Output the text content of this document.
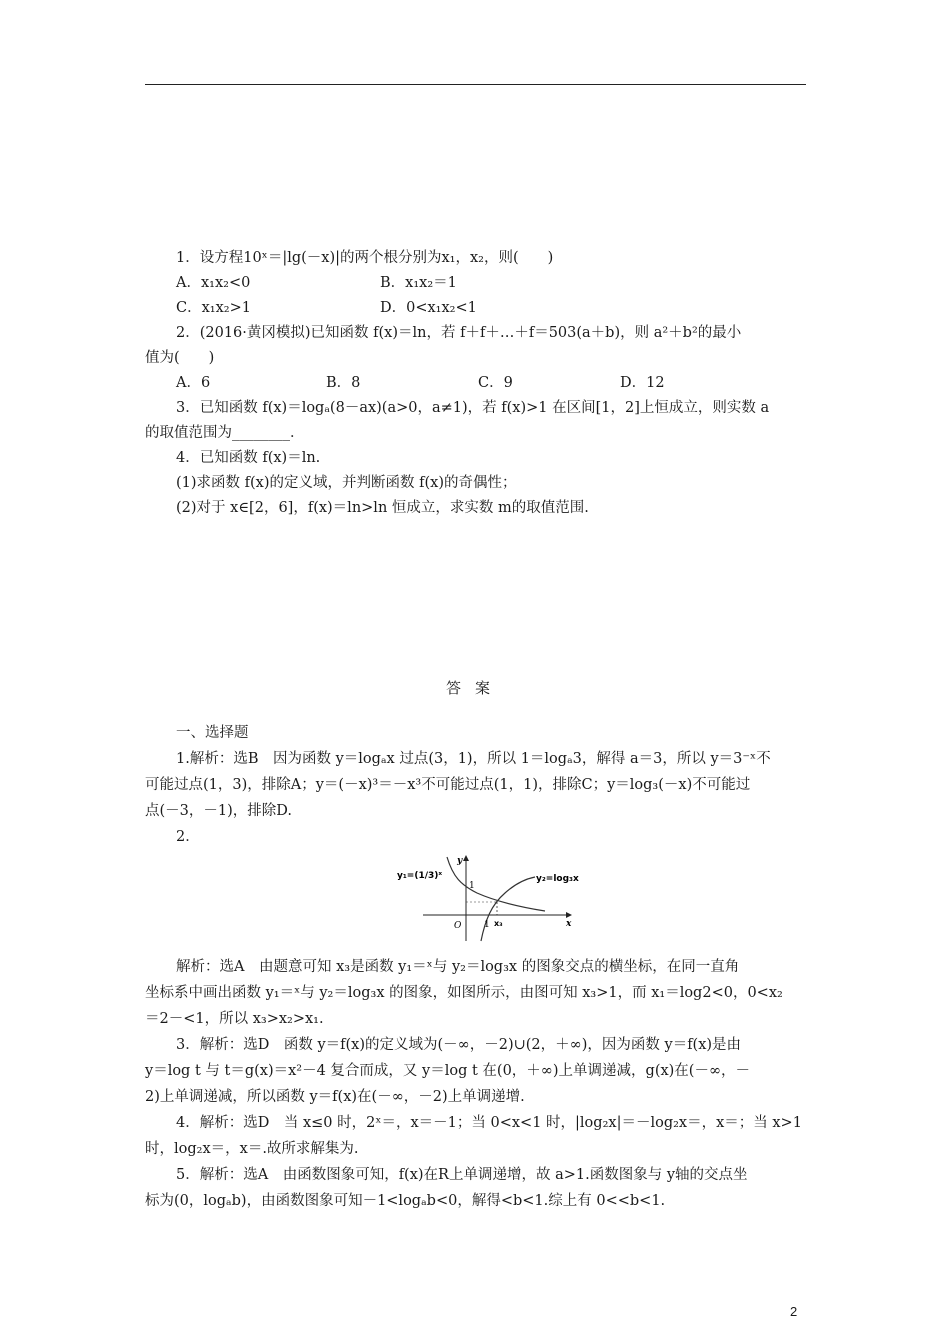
1．设方程10ˣ＝|lg(－x)|的两个根分别为x₁，x₂，则(　　)
A．x₁x₂<0	B．x₁x₂＝1
C．x₁x₂>1	D．0<x₁x₂<1
2．(2016·黄冈模拟)已知函数 f(x)＝ln，若 f＋f＋…＋f＝503(a＋b)，则 a²＋b²的最小
值为(　　)
A．6	B．8	C．9	D．12
3．已知函数 f(x)＝logₐ(8－ax)(a>0，a≠1)，若 f(x)>1 在区间[1，2]上恒成立，则实数 a
的取值范围为________．
4．已知函数 f(x)＝ln.
(1)求函数 f(x)的定义域，并判断函数 f(x)的奇偶性；
(2)对于 x∈[2，6]，f(x)＝ln>ln 恒成立，求实数 m的取值范围.
答案
一、选择题
1.解析：选B　因为函数 y＝logₐx 过点(3，1)，所以 1＝logₐ3，解得 a＝3，所以 y＝3⁻ˣ不
可能过点(1，3)，排除A；y＝(－x)³＝－x³不可能过点(1，1)，排除C；y＝log₃(－x)不可能过
点(－3，－1)，排除D.
2．
y₁=(1/3)ˣ	y₂=log₃x
x
y
O
1
1 x₃
解析：选A　由题意可知 x₃是函数 y₁＝ˣ与 y₂＝log₃x 的图象交点的横坐标，在同一直角
坐标系中画出函数 y₁＝ˣ与 y₂＝log₃x 的图象，如图所示，由图可知 x₃>1，而 x₁＝log2<0，0<x₂
＝2－<1，所以 x₃>x₂>x₁.
3．解析：选D　函数 y＝f(x)的定义域为(－∞，－2)∪(2，＋∞)，因为函数 y＝f(x)是由
y＝log t 与 t＝g(x)＝x²－4 复合而成，又 y＝log t 在(0，＋∞)上单调递减，g(x)在(－∞，－
2)上单调递减，所以函数 y＝f(x)在(－∞，－2)上单调递增.
4．解析：选D　当 x≤0 时，2ˣ＝，x＝－1；当 0<x<1 时，|log₂x|＝－log₂x＝，x＝；当 x>1
时，log₂x＝，x＝.故所求解集为.
5．解析：选A　由函数图象可知，f(x)在R上单调递增，故 a>1.函数图象与 y轴的交点坐
标为(0，logₐb)，由函数图象可知－1<logₐb<0，解得<b<1.综上有 0<<b<1.
2
